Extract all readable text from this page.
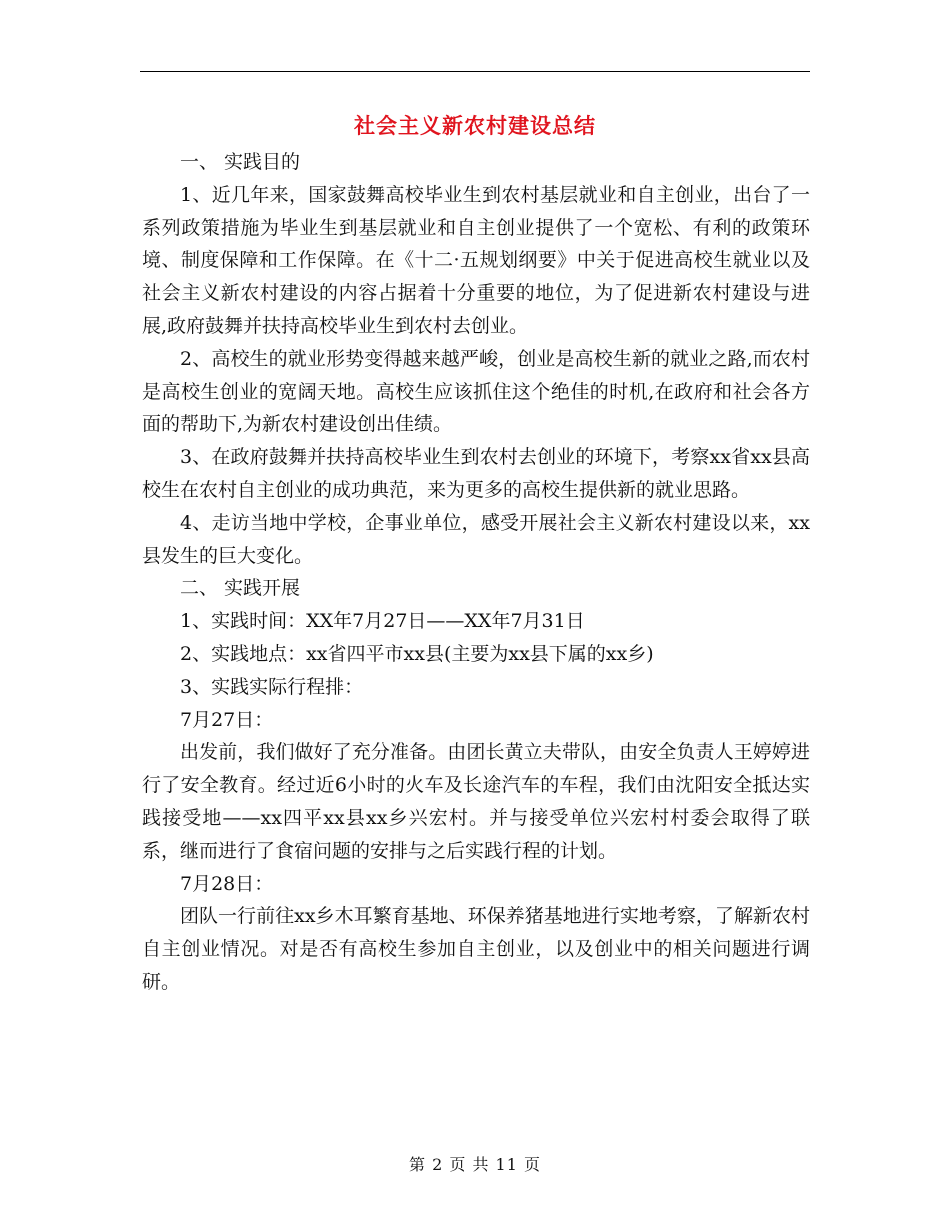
社会主义新农村建设总结

一、 实践目的

1、近几年来，国家鼓舞高校毕业生到农村基层就业和自主创业，出台了一系列政策措施为毕业生到基层就业和自主创业提供了一个宽松、有利的政策环境、制度保障和工作保障。在《十二·五规划纲要》中关于促进高校生就业以及社会主义新农村建设的内容占据着十分重要的地位，为了促进新农村建设与进展,政府鼓舞并扶持高校毕业生到农村去创业。

2、高校生的就业形势变得越来越严峻，创业是高校生新的就业之路,而农村是高校生创业的宽阔天地。高校生应该抓住这个绝佳的时机,在政府和社会各方面的帮助下,为新农村建设创出佳绩。

3、在政府鼓舞并扶持高校毕业生到农村去创业的环境下，考察xx省xx县高校生在农村自主创业的成功典范，来为更多的高校生提供新的就业思路。

4、走访当地中学校，企事业单位，感受开展社会主义新农村建设以来，xx县发生的巨大变化。

二、 实践开展

1、实践时间：XX年7月27日——XX年7月31日

2、实践地点：xx省四平市xx县(主要为xx县下属的xx乡)

3、实践实际行程排：

7月27日：

出发前，我们做好了充分准备。由团长黄立夫带队，由安全负责人王婷婷进行了安全教育。经过近6小时的火车及长途汽车的车程，我们由沈阳安全抵达实践接受地——xx四平xx县xx乡兴宏村。并与接受单位兴宏村村委会取得了联系，继而进行了食宿问题的安排与之后实践行程的计划。

7月28日：

团队一行前往xx乡木耳繁育基地、环保养猪基地进行实地考察，了解新农村自主创业情况。对是否有高校生参加自主创业，以及创业中的相关问题进行调研。

第 2 页 共 11 页
